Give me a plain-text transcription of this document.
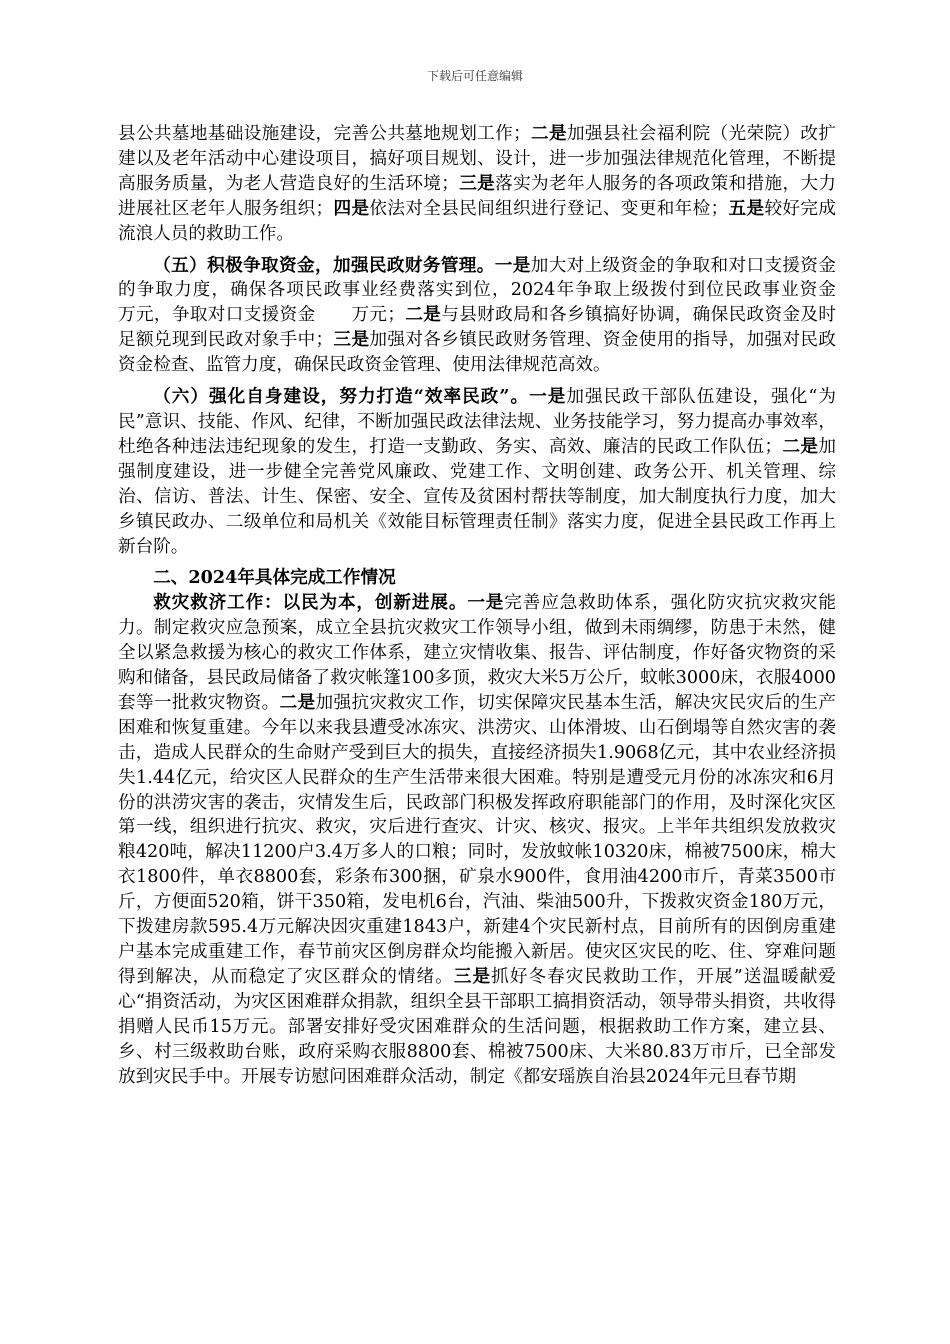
下载后可任意编辑

县公共墓地基础设施建设，完善公共墓地规划工作；二是加强县社会福利院（光荣院）改扩建以及老年活动中心建设项目，搞好项目规划、设计，进一步加强法律规范化管理，不断提高服务质量，为老人营造良好的生活环境；三是落实为老年人服务的各项政策和措施，大力进展社区老年人服务组织；四是依法对全县民间组织进行登记、变更和年检；五是较好完成流浪人员的救助工作。

（五）积极争取资金，加强民政财务管理。一是加大对上级资金的争取和对口支援资金的争取力度，确保各项民政事业经费落实到位，2024年争取上级拨付到位民政事业资金　　万元，争取对口支援资金　　万元；二是与县财政局和各乡镇搞好协调，确保民政资金及时足额兑现到民政对象手中；三是加强对各乡镇民政财务管理、资金使用的指导，加强对民政资金检查、监管力度，确保民政资金管理、使用法律规范高效。

（六）强化自身建设，努力打造“效率民政”。一是加强民政干部队伍建设，强化“为民”意识、技能、作风、纪律，不断加强民政法律法规、业务技能学习，努力提高办事效率，杜绝各种违法违纪现象的发生，打造一支勤政、务实、高效、廉洁的民政工作队伍；二是加强制度建设，进一步健全完善党风廉政、党建工作、文明创建、政务公开、机关管理、综治、信访、普法、计生、保密、安全、宣传及贫困村帮扶等制度，加大制度执行力度，加大乡镇民政办、二级单位和局机关《效能目标管理责任制》落实力度，促进全县民政工作再上新台阶。

二、2024年具体完成工作情况

救灾救济工作：以民为本，创新进展。一是完善应急救助体系，强化防灾抗灾救灾能力。制定救灾应急预案，成立全县抗灾救灾工作领导小组，做到未雨绸缪，防患于未然，健全以紧急救援为核心的救灾工作体系，建立灾情收集、报告、评估制度，作好备灾物资的采购和储备，县民政局储备了救灾帐篷100多顶，救灾大米5万公斤，蚊帐3000床，衣服4000套等一批救灾物资。二是加强抗灾救灾工作，切实保障灾民基本生活，解决灾民灾后的生产困难和恢复重建。今年以来我县遭受冰冻灾、洪涝灾、山体滑坡、山石倒塌等自然灾害的袭击，造成人民群众的生命财产受到巨大的损失，直接经济损失1.9068亿元，其中农业经济损失1.44亿元，给灾区人民群众的生产生活带来很大困难。特别是遭受元月份的冰冻灾和6月份的洪涝灾害的袭击，灾情发生后，民政部门积极发挥政府职能部门的作用，及时深化灾区第一线，组织进行抗灾、救灾，灾后进行查灾、计灾、核灾、报灾。上半年共组织发放救灾粮420吨，解决11200户3.4万多人的口粮；同时，发放蚊帐10320床，棉被7500床，棉大衣1800件，单衣8800套，彩条布300捆，矿泉水900件，食用油4200市斤，青菜3500市斤，方便面520箱，饼干350箱，发电机6台，汽油、柴油500升，下拨救灾资金180万元，下拨建房款595.4万元解决因灾重建1843户，新建4个灾民新村点，目前所有的因倒房重建户基本完成重建工作，春节前灾区倒房群众均能搬入新居。使灾区灾民的吃、住、穿难问题得到解决，从而稳定了灾区群众的情绪。三是抓好冬春灾民救助工作，开展”送温暖献爱心“捐资活动，为灾区困难群众捐款，组织全县干部职工搞捐资活动，领导带头捐资，共收得捐赠人民币15万元。部署安排好受灾困难群众的生活问题，根据救助工作方案，建立县、乡、村三级救助台账，政府采购衣服8800套、棉被7500床、大米80.83万市斤，已全部发放到灾民手中。开展专访慰问困难群众活动，制定《都安瑶族自治县2024年元旦春节期
